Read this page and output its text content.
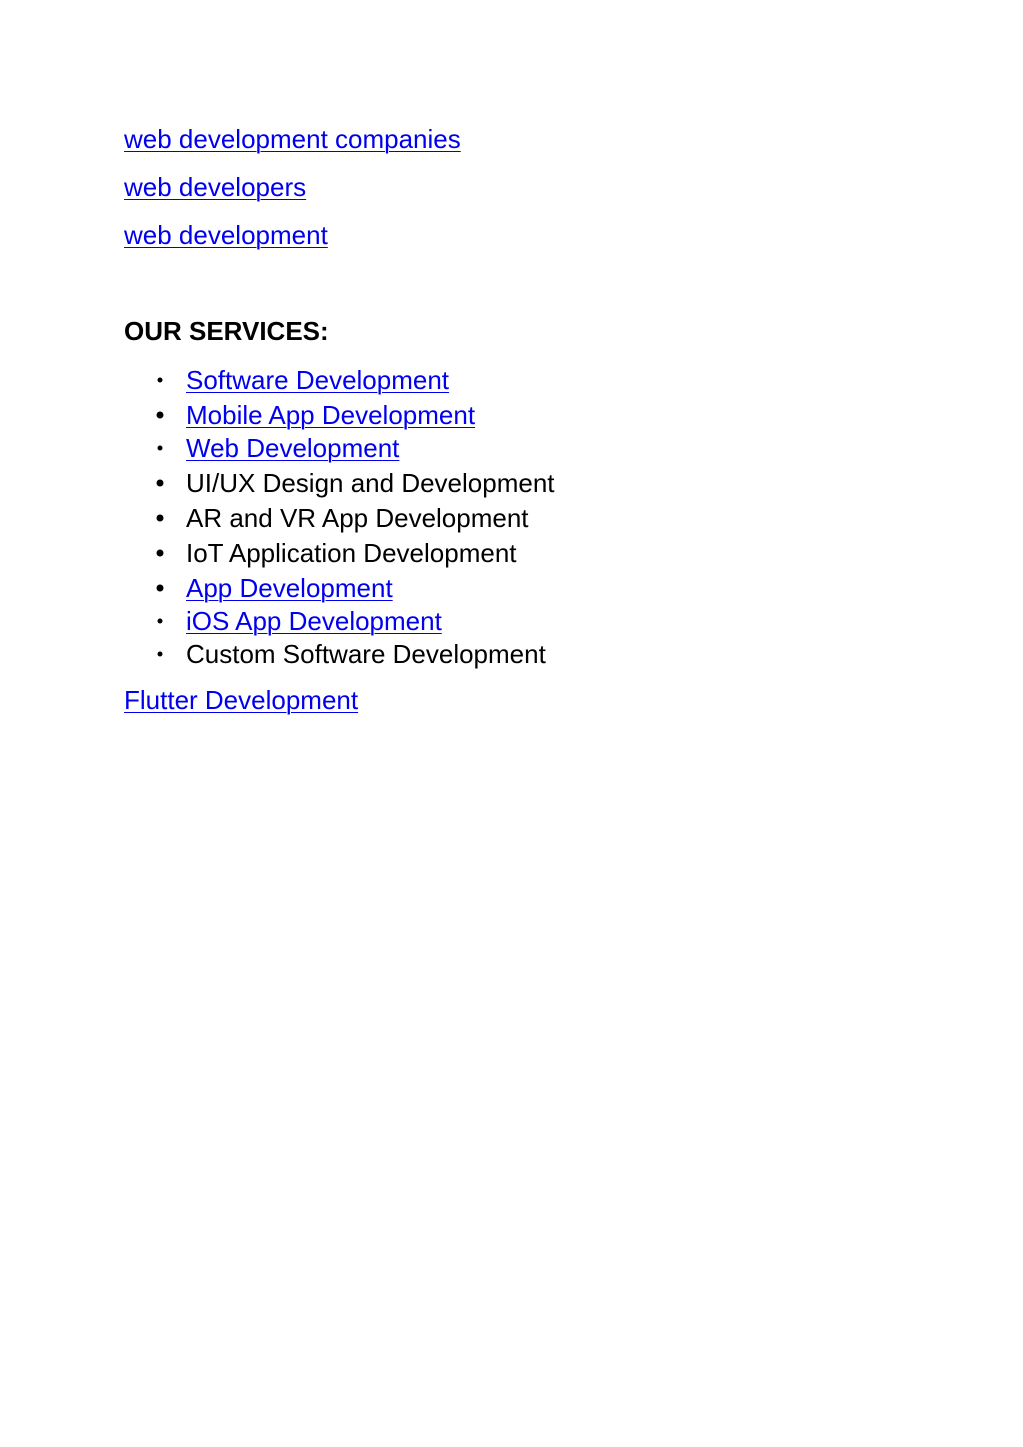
web development companies
web developers
web development
OUR SERVICES:
Software Development
Mobile App Development
Web Development
UI/UX Design and Development
AR and VR App Development
IoT Application Development
App Development
iOS App Development
Custom Software Development
Flutter Development
